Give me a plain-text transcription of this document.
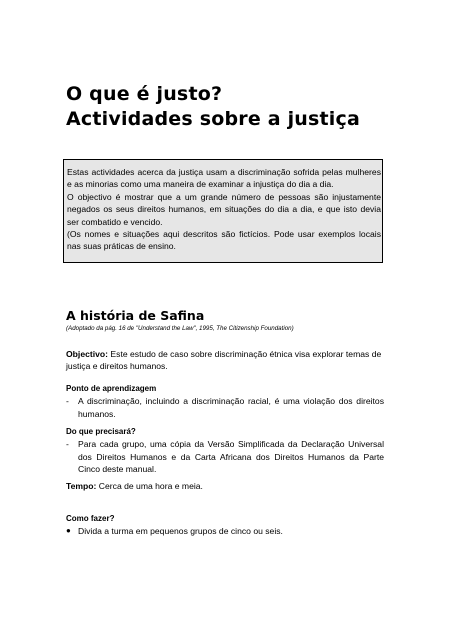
O que é justo?
Actividades sobre a justiça

Estas actividades acerca da justiça usam a discriminação sofrida pelas mulheres e as minorias como uma maneira de examinar a injustiça do dia a dia.

O objectivo é mostrar que a um grande número de pessoas são injustamente negados os seus direitos humanos, em situações do dia a dia, e que isto devia ser combatido e vencido.

(Os nomes e situações aqui descritos são fictícios. Pode usar exemplos locais nas suas práticas de ensino.

A história de Safina
(Adoptado da pág. 16 de "Understand the Law", 1995, The Citizenship Foundation)
Objectivo: Este estudo de caso sobre discriminação étnica visa explorar temas de justiça e direitos humanos.
Ponto de aprendizagem
- A discriminação, incluindo a discriminação racial, é uma violação dos direitos humanos.
Do que precisará?
- Para cada grupo, uma cópia da Versão Simplificada da Declaração Universal dos Direitos Humanos e da Carta Africana dos Direitos Humanos da Parte Cinco deste manual.
Tempo: Cerca de uma hora e meia.
Como fazer?
● Divida a turma em pequenos grupos de cinco ou seis.
